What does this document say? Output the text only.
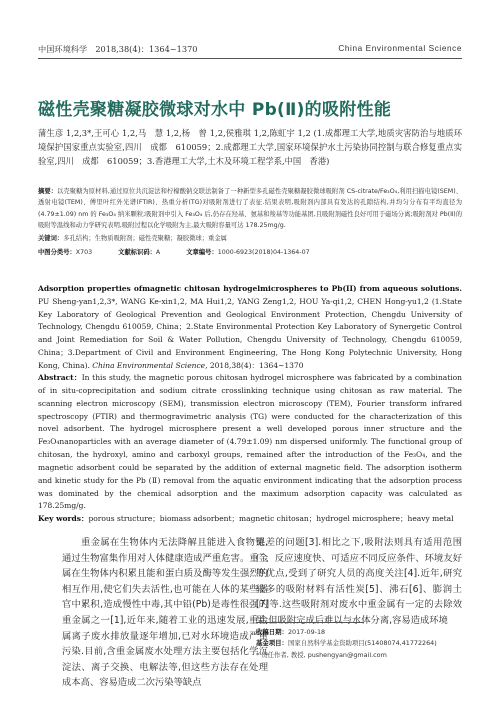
中国环境科学　2018,38(4)：1364~1370	China Environmental Science
磁性壳聚糖凝胶微球对水中 Pb(Ⅱ)的吸附性能
蒲生彦 1,2,3*,王可心 1,2,马　慧 1,2,杨　曾 1,2,侯雅琪 1,2,陈虹宇 1,2 (1.成都理工大学,地质灾害防治与地质环境保护国家重点实验室,四川　成都　610059；2.成都理工大学,国家环境保护水土污染协同控制与联合修复重点实验室,四川　成都　610059；3.香港理工大学,土木及环境工程学系,中国　香港)
摘要：以壳聚糖为原材料,通过原位共沉淀法和柠檬酸钠交联法制备了一种新型多孔磁性壳聚糖凝胶微球吸附剂 CS-citrate/Fe₃O₄,利用扫描电镜(SEM)、透射电镜(TEM)、傅里叶红外光谱(FTIR)、热重分析(TG)对吸附剂进行了表征.结果表明,吸附剂内部具有发达的孔隙结构,并均匀分布有平均直径为(4.79±1.09) nm 的 Fe₃O₄ 纳米颗粒;吸附剂中引入 Fe₃O₄ 后,仍存在羟基、氨基和羧基等功能基团,且吸附剂磁性良好可用于磁场分离;吸附剂对 Pb(Ⅱ)的吸附等温线和动力学研究表明,吸附过程以化学吸附为主,最大吸附容量可达 178.25mg/g.
关键词：多孔结构；生物质吸附剂；磁性壳聚糖；凝胶微球；重金属
中图分类号：X703	文献标识码：A	文章编号：1000-6923(2018)04-1364-07
Adsorption properties ofmagnetic chitosan hydrogelmicrospheres to Pb(II) from aqueous solutions. PU Sheng-yan1,2,3*, WANG Ke-xin1,2, MA Hui1,2, YANG Zeng1,2, HOU Ya-qi1,2, CHEN Hong-yu1,2 (1.State Key Laboratory of Geological Prevention and Geological Environment Protection, Chengdu University of Technology, Chengdu 610059, China；2.State Environmental Protection Key Laboratory of Synergetic Control and Joint Remediation for Soil & Water Pollution, Chengdu University of Technology, Chengdu 610059, China；3.Department of Civil and Environment Engineering, The Hong Kong Polytechnic University, Hong Kong, China). China Environmental Science, 2018,38(4)：1364~1370
Abstract：In this study, the magnetic porous chitosan hydrogel microsphere was fabricated by a combination of in situ-coprecipitation and sodium citrate crosslinking technique using chitosan as raw material. The scanning electron microscopy (SEM), transmission electron microscopy (TEM), Fourier transform infrared spectroscopy (FTIR) and thermogravimetric analysis (TG) were conducted for the characterization of this novel adsorbent. The hydrogel microsphere present a well developed porous inner structure and the Fe₃O₄nanoparticles with an average diameter of (4.79±1.09) nm dispersed uniformly. The functional group of chitosan, the hydroxyl, amino and carboxyl groups, remained after the introduction of the Fe₃O₄, and the magnetic adsorbent could be separated by the addition of external magnetic field. The adsorption isotherm and kinetic study for the Pb (Ⅱ) removal from the aquatic environment indicating that the adsorption process was dominated by the chemical adsorption and the maximum adsorption capacity was calculated as 178.25mg/g.
Key words：porous structure；biomass adsorbent；magnetic chitosan；hydrogel microsphere；heavy metal
重金属在生物体内无法降解且能进入食物链,通过生物富集作用对人体健康造成严重危害。重金属在生物体内积累且能和蛋白质及酶等发生强烈的相互作用,使它们失去活性,也可能在人体的某些器官中累积,造成慢性中毒,其中铅(Pb)是毒性很强的重金属之一[1],近年来,随着工业的迅速发展,重金属离子废水排放量逐年增加,已对水环境造成严重污染.目前,含重金属废水处理方法主要包括化学沉淀法、离子交换、电解法等,但这些方法存在处理成本高、容易造成二次污染等缺点
果差的问题[3].相比之下,吸附法则具有适用范围广、反应速度快、可适应不同反应条件、环境友好等优点,受到了研究人员的高度关注[4].近年,研究较多的吸附材料有活性炭[5]、沸石[6]、膨润土[7]等.这些吸附剂对废水中重金属有一定的去除效果,但吸附完成后难以与水体分离,容易造成环境
收稿日期：2017-09-18
基金项目：国家自然科学基金资助项目(51408074,41772264)
* 责任作者, 教授, pushengyan@gmail.com
